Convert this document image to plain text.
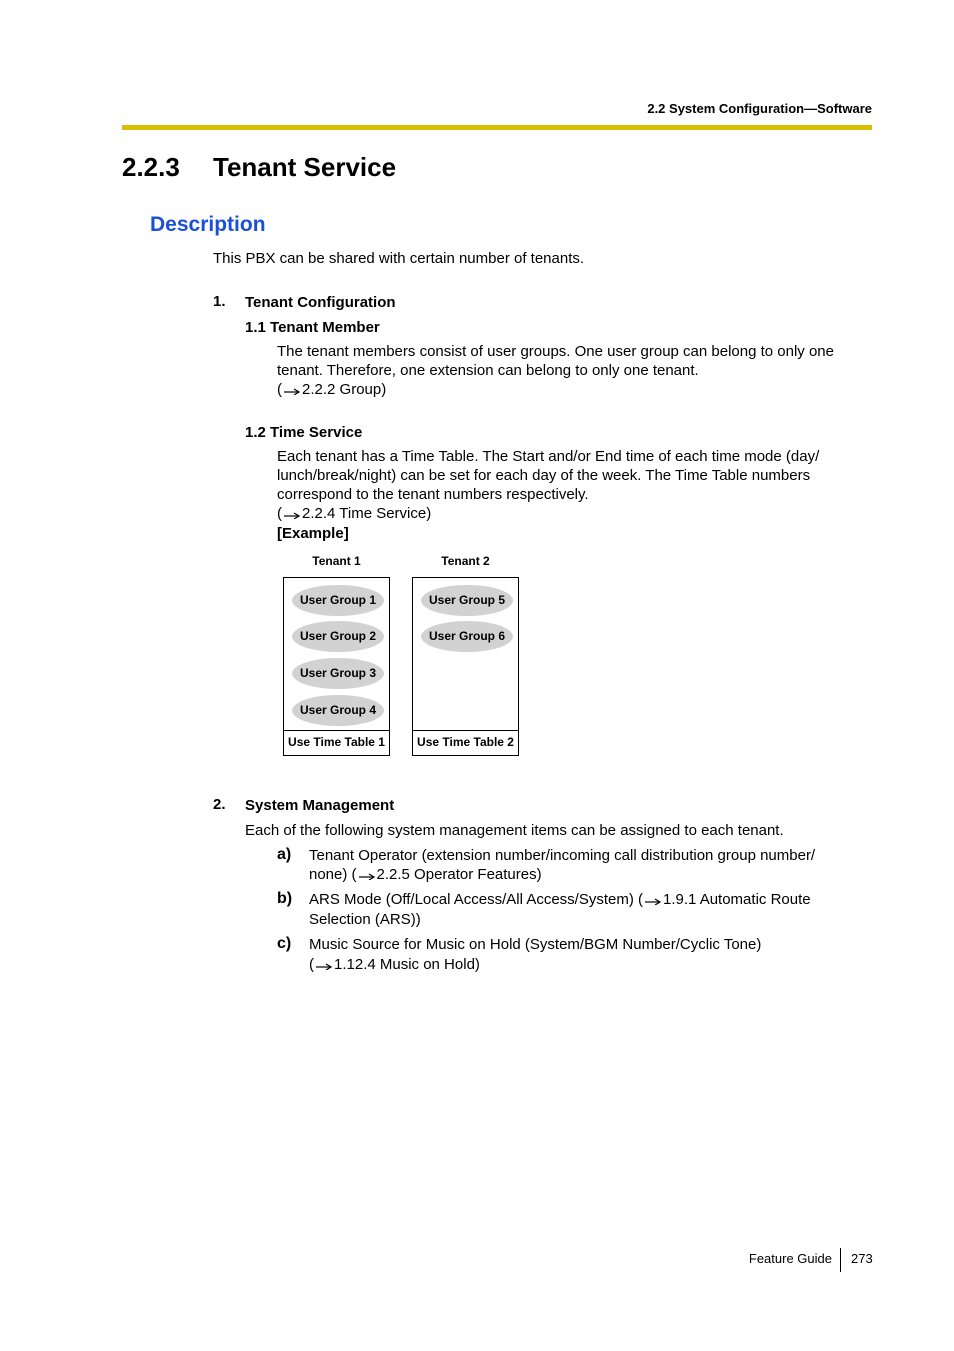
2.2 System Configuration—Software
2.2.3 Tenant Service
Description
This PBX can be shared with certain number of tenants.
1. Tenant Configuration
1.1 Tenant Member
The tenant members consist of user groups. One user group can belong to only one
tenant. Therefore, one extension can belong to only one tenant.
( 2.2.2 Group)
1.2 Time Service
Each tenant has a Time Table. The Start and/or End time of each time mode (day/
lunch/break/night) can be set for each day of the week. The Time Table numbers
correspond to the tenant numbers respectively.
( 2.2.4 Time Service)
[Example]
Tenant 1
User Group 1
User Group 2
User Group 3
User Group 4
Use Time Table 1
Tenant 2
User Group 5
User Group 6
Use Time Table 2
2. System Management
Each of the following system management items can be assigned to each tenant.
a) Tenant Operator (extension number/incoming call distribution group number/
none) ( 2.2.5 Operator Features)
b) ARS Mode (Off/Local Access/All Access/System) ( 1.9.1 Automatic Route
Selection (ARS))
c) Music Source for Music on Hold (System/BGM Number/Cyclic Tone)
( 1.12.4 Music on Hold)
Feature Guide 273
